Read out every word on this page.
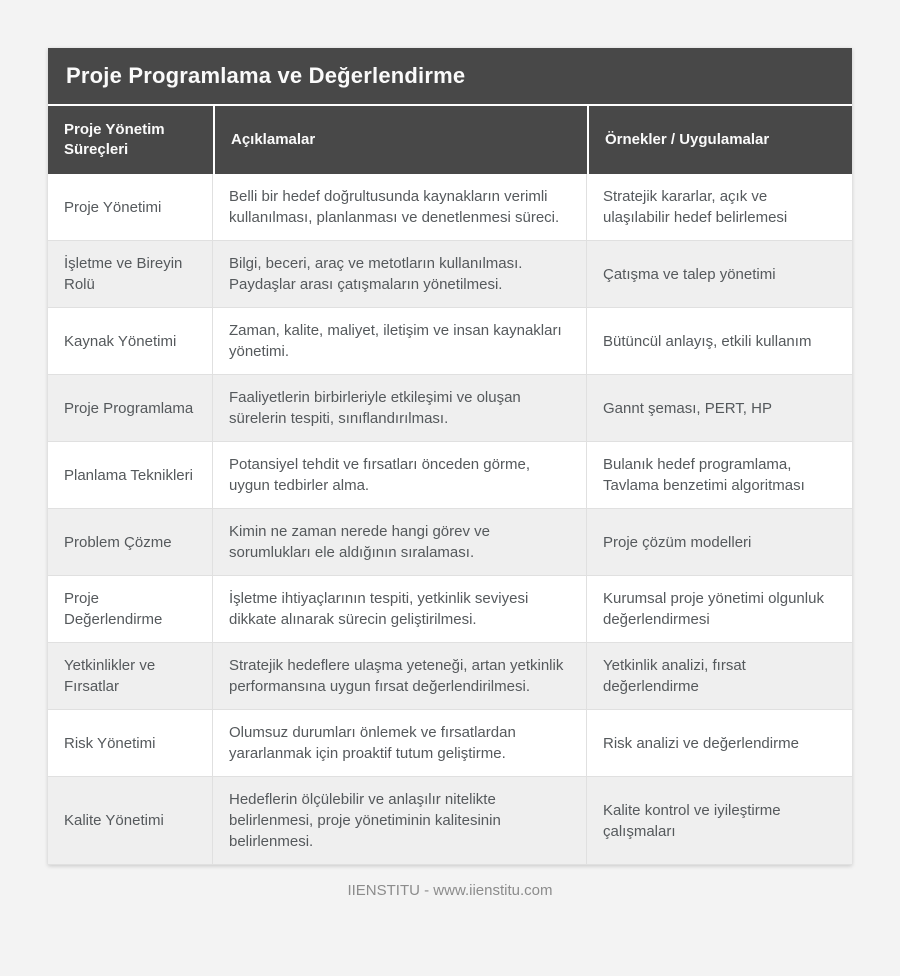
Proje Programlama ve Değerlendirme
Proje Yönetim Süreçleri
Açıklamalar	Örnekler / Uygulamalar
Proje Yönetimi
Belli bir hedef doğrultusunda kaynakların verimli kullanılması, planlanması ve denetlenmesi süreci.
Stratejik kararlar, açık ve ulaşılabilir hedef belirlemesi
İşletme ve Bireyin Rolü
Bilgi, beceri, araç ve metotların kullanılması. Paydaşlar arası çatışmaların yönetilmesi.
Çatışma ve talep yönetimi
Kaynak Yönetimi
Zaman, kalite, maliyet, iletişim ve insan kaynakları yönetimi.
Bütüncül anlayış, etkili kullanım
Proje Programlama
Faaliyetlerin birbirleriyle etkileşimi ve oluşan sürelerin tespiti, sınıflandırılması.
Gannt şeması, PERT, HP
Planlama Teknikleri
Potansiyel tehdit ve fırsatları önceden görme, uygun tedbirler alma.
Bulanık hedef programlama, Tavlama benzetimi algoritması
Problem Çözme
Kimin ne zaman nerede hangi görev ve sorumlukları ele aldığının sıralaması.
Proje çözüm modelleri
Proje Değerlendirme
İşletme ihtiyaçlarının tespiti, yetkinlik seviyesi dikkate alınarak sürecin geliştirilmesi.
Kurumsal proje yönetimi olgunluk değerlendirmesi
Yetkinlikler ve Fırsatlar
Stratejik hedeflere ulaşma yeteneği, artan yetkinlik performansına uygun fırsat değerlendirilmesi.
Yetkinlik analizi, fırsat değerlendirme
Risk Yönetimi
Olumsuz durumları önlemek ve fırsatlardan yararlanmak için proaktif tutum geliştirme.
Risk analizi ve değerlendirme
Kalite Yönetimi
Hedeflerin ölçülebilir ve anlaşılır nitelikte belirlenmesi, proje yönetiminin kalitesinin belirlenmesi.
Kalite kontrol ve iyileştirme çalışmaları
IIENSTITU - www.iienstitu.com
